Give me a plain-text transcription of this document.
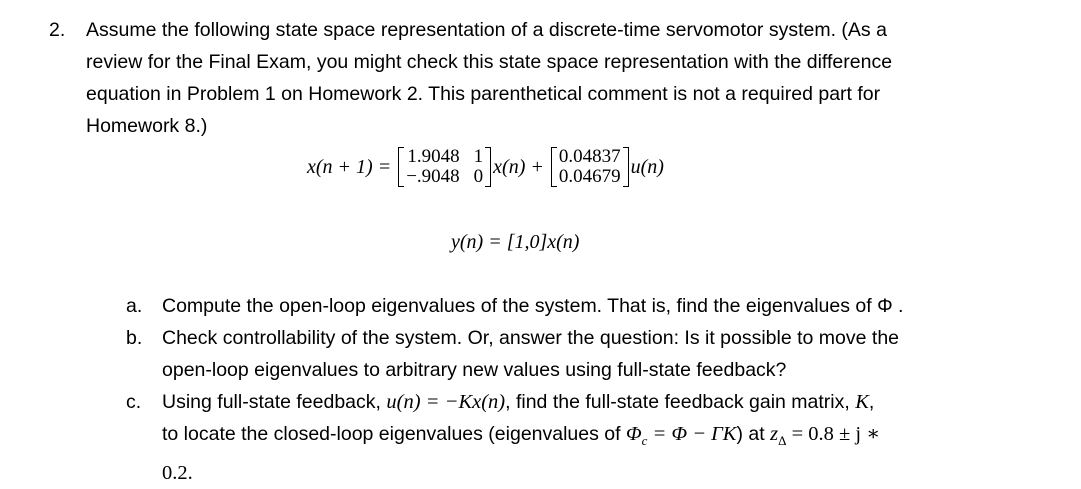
2. Assume the following state space representation of a discrete-time servomotor system. (As a
review for the Final Exam, you might check this state space representation with the difference
equation in Problem 1 on Homework 2. This parenthetical comment is not a required part for
Homework 8.)
x(n + 1) = 1.9048 1
−.9048 0 x(n) + 0.04837
0.04679 u(n)
y(n) = [1,0]x(n)
a. Compute the open-loop eigenvalues of the system. That is, find the eigenvalues of Φ .
b. Check controllability of the system. Or, answer the question: Is it possible to move the
open-loop eigenvalues to arbitrary new values using full-state feedback?
c. Using full-state feedback, u(n) = −Kx(n), find the full-state feedback gain matrix, K,
to locate the closed-loop eigenvalues (eigenvalues of $\Phi_c = \Phi - \Gamma K$) at $z_\Delta = 0.8 \pm j$ ∗
0.2.
